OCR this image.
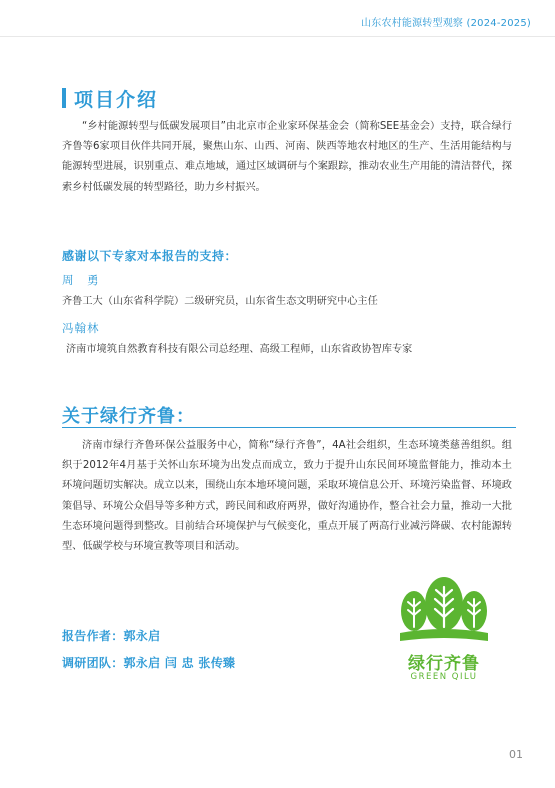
山东农村能源转型观察 (2024-2025)
项目介绍
“乡村能源转型与低碳发展项目”由北京市企业家环保基金会（简称SEE基金会）支持，联合绿行齐鲁等6家项目伙伴共同开展，聚焦山东、山西、河南、陕西等地农村地区的生产、生活用能结构与能源转型进展，识别重点、难点地域，通过区域调研与个案跟踪，推动农业生产用能的清洁替代，探索乡村低碳发展的转型路径，助力乡村振兴。
感谢以下专家对本报告的支持：
周　勇
齐鲁工大（山东省科学院）二级研究员，山东省生态文明研究中心主任
冯翰林
济南市境筑自然教育科技有限公司总经理、高级工程师，山东省政协智库专家
关于绿行齐鲁：
济南市绿行齐鲁环保公益服务中心，简称“绿行齐鲁”，4A社会组织，生态环境类慈善组织。组织于2012年4月基于关怀山东环境为出发点而成立，致力于提升山东民间环境监督能力，推动本土环境问题切实解决。成立以来，围绕山东本地环境问题，采取环境信息公开、环境污染监督、环境政策倡导、环境公众倡导等多种方式，跨民间和政府两界，做好沟通协作，整合社会力量，推动一大批生态环境问题得到整改。目前结合环境保护与气候变化，重点开展了两高行业减污降碳、农村能源转型、低碳学校与环境宣教等项目和活动。
报告作者：郭永启
调研团队：郭永启 闫 忠 张传臻	绿行齐鲁
GREEN QILU
01
